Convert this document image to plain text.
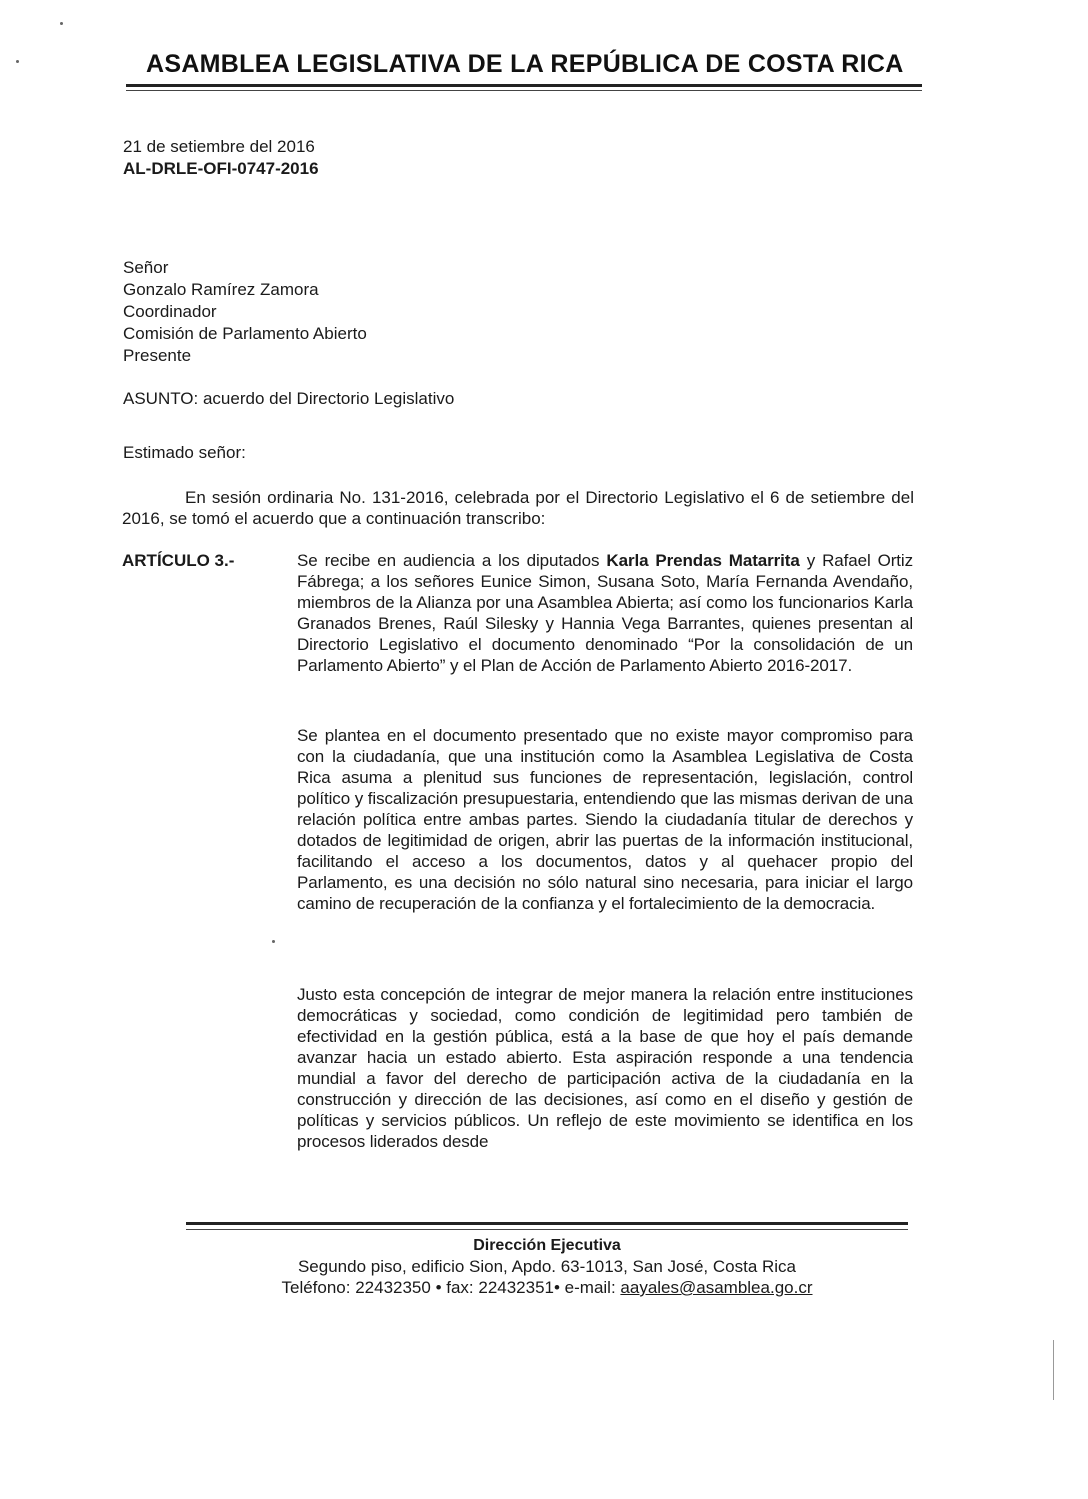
ASAMBLEA LEGISLATIVA DE LA REPÚBLICA DE COSTA RICA
21 de setiembre del 2016
AL-DRLE-OFI-0747-2016
Señor
Gonzalo Ramírez Zamora
Coordinador
Comisión de Parlamento Abierto
Presente
ASUNTO: acuerdo del Directorio Legislativo
Estimado señor:
En sesión ordinaria No. 131-2016, celebrada por el Directorio Legislativo el 6 de setiembre del 2016, se tomó el acuerdo que a continuación transcribo:
ARTÍCULO 3.-	Se recibe en audiencia a los diputados Karla Prendas Matarrita y Rafael Ortiz Fábrega; a los señores Eunice Simon, Susana Soto, María Fernanda Avendaño, miembros de la Alianza por una Asamblea Abierta; así como los funcionarios Karla Granados Brenes, Raúl Silesky y Hannia Vega Barrantes, quienes presentan al Directorio Legislativo el documento denominado “Por la consolidación de un Parlamento Abierto” y el Plan de Acción de Parlamento Abierto 2016-2017.
Se plantea en el documento presentado que no existe mayor compromiso para con la ciudadanía, que una institución como la Asamblea Legislativa de Costa Rica asuma a plenitud sus funciones de representación, legislación, control político y fiscalización presupuestaria, entendiendo que las mismas derivan de una relación política entre ambas partes. Siendo la ciudadanía titular de derechos y dotados de legitimidad de origen, abrir las puertas de la información institucional, facilitando el acceso a los documentos, datos y al quehacer propio del Parlamento, es una decisión no sólo natural sino necesaria, para iniciar el largo camino de recuperación de la confianza y el fortalecimiento de la democracia.
Justo esta concepción de integrar de mejor manera la relación entre instituciones democráticas y sociedad, como condición de legitimidad pero también de efectividad en la gestión pública, está a la base de que hoy el país demande avanzar hacia un estado abierto. Esta aspiración responde a una tendencia mundial a favor del derecho de participación activa de la ciudadanía en la construcción y dirección de las decisiones, así como en el diseño y gestión de políticas y servicios públicos. Un reflejo de este movimiento se identifica en los procesos liderados desde
Dirección Ejecutiva
Segundo piso, edificio Sion, Apdo. 63-1013, San José, Costa Rica
Teléfono: 22432350 • fax: 22432351• e-mail: aayales@asamblea.go.cr
